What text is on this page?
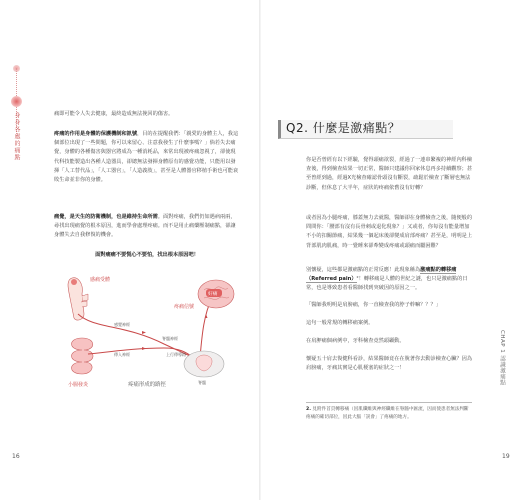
身身各處的痛點
16

痛即可能令人失去健康，最終造成無法挽回的傷害。

疼痛的作用是身體的保護機制和訊號，目的在提醒我們：「親愛的身體主人，我這個部位出現了一些問題，你可以來留心、注意我發生了什麼事嗎？」倘若失去痛覺，身體的各種傷害與器官將成為一種消耗品，來常出現被疼痛忽視了，卻使現代科技能製造出各種人造器具，卻總無法發揮身體原有的感覺功能，只能用以發揮「人工替代品」，「人工器官」，「人造義肢」，甚至是人體器官移植手術也可能衰敗生命並非你的身體。

痛覺，是天生的防衛機制，也是維持生命所需。面對疼痛，我們仍如遇病兩兩，尋找出現痛覺的根本原因，進而學會處理疼痛。而不是用止痛藥壓制痛點，卻讓身體失去自我修復的機會。

面對痛痛不要慌心不要怕，找出根本原因吧！
感痛受體
小腸發炎
好痛
疼痛信號
感覺神經
傳入神經
脊髓神經
上行傳導路
脊髓
疼痛形成的路徑
19
Q2. 什麼是激痛點？
你是否曾經有以下經驗，覺得頭痛欲裂，經過了一連串繁複的神經內科檢查後，得到檢查結果一切正常，醫師只建議你回家休息再多持續觀察；甚至曾經到過，經過X光檢查確認骨頭沒有斷裂，疏鬆於檢查了斷層也無法診斷，但休息了大半年，症狀的疼痛依舊沒有好轉？
或者因為小腿疼痛，膝蓋無力去就醫，醫師卻在身體檢查之後，隨便般的問問你：「腰部有沒有長骨刺或退化現象？」又或者，你每沒有能量增加不小的扣關節痛，結果幾一個起床後卻變成肩部疼痛？甚至是，明明是上背部肌肉肌痛，時一覺睡來卻牽變成疼痛或頭痛而屬困難？
別懷疑，這些都是激痛點的正常反應！此現象稱為激痛點的轉移痛（Referred pain）²！轉移痛是人體的世紀之謎，也只是激痛點的日常，也是導致患者看醫師找到突破因的原因之一。
「醫師我明明是肩膀痛，你一直檢查我的脖子幹嘛？？？」
這句一般常規的轉移痛案例。
在肩胛痛個病例中，牙科檢查竟然頭顳動。
懷疑五十肩去復健科看診，結果醫師竟在在脫著你去動診檢查心臟？因為肩膀痛，牙痛其實是心肌梗塞的症狀之一！	CHAP 1 認識激痛點
2. 見附件首頁轉移痛（因肌纖維與神經纖維在脊髓中匯流，因而使患者無法判斷疼痛的確切部位，因此大腦「誤會」了疼痛的地方。
